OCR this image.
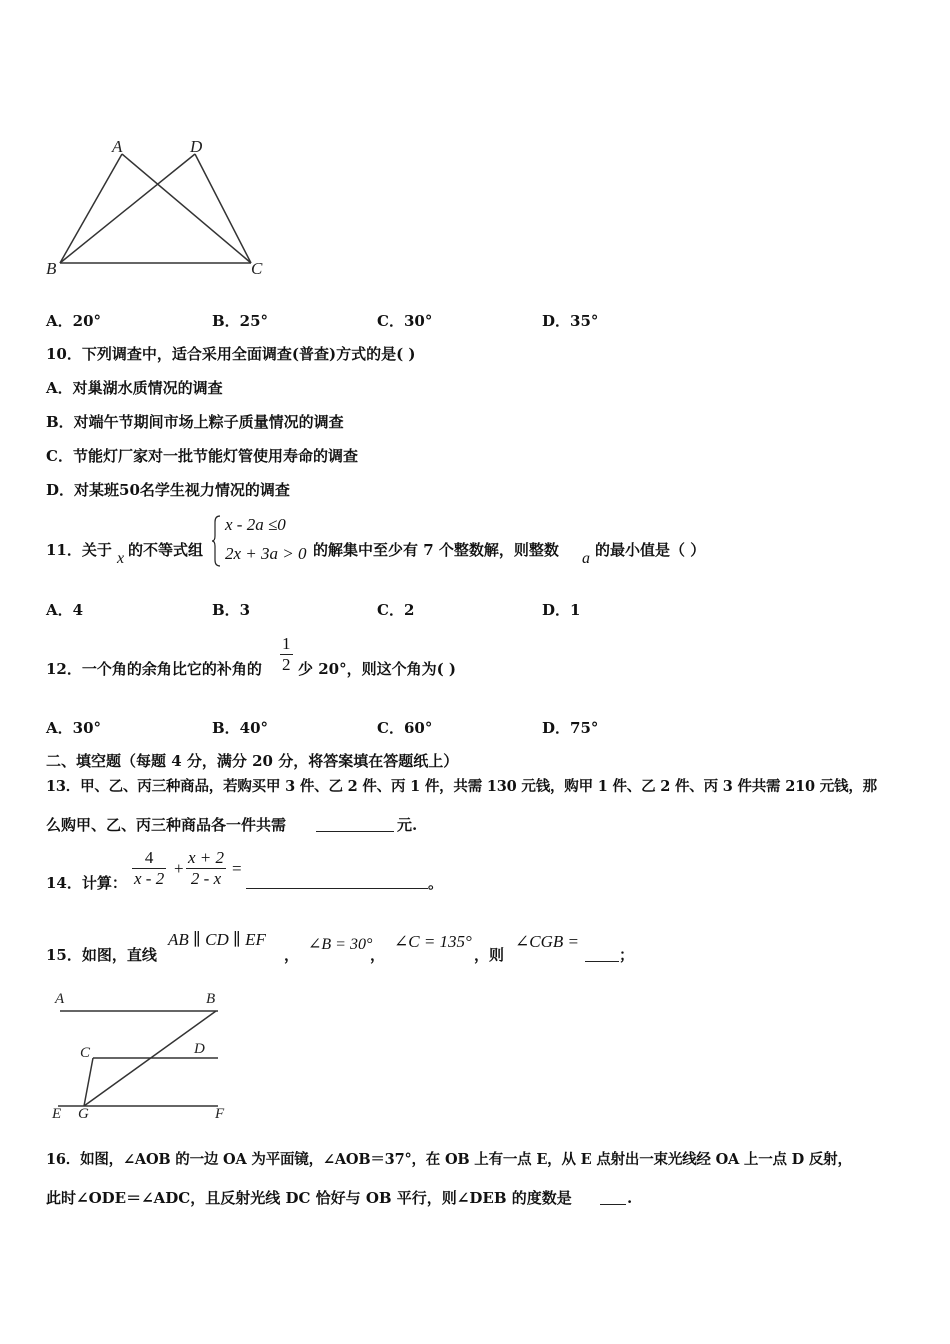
A	D
B	C
A．20°	B．25°	C．30°	D．35°
10．下列调查中，适合采用全面调查(普查)方式的是( )
A．对巢湖水质情况的调查
B．对端午节期间市场上粽子质量情况的调查
C．节能灯厂家对一批节能灯管使用寿命的调查
D．对某班50名学生视力情况的调查
11．关于 x 的不等式组
x - 2a ≤0
2x + 3a > 0 的解集中至少有 7 个整数解，则整数 a 的最小值是（ ）
A．4	B．3	C．2	D．1
12．一个角的余角比它的补角的 $\frac{1}{2}$ 少 20°，则这个角为( )
A．30°	B．40°	C．60°	D．75°
二、填空题（每题 4 分，满分 20 分，将答案填在答题纸上）
13．甲、乙、丙三种商品，若购买甲 3 件、乙 2 件、丙 1 件，共需 130 元钱，购甲 1 件、乙 2 件、丙 3 件共需 210 元钱，那
么购甲、乙、丙三种商品各一件共需	元.
14．计算： $\frac{4}{x - 2} + \frac{x + 2}{2 - x}$ =
。
15．如图，直线
AB ∥ CD ∥ EF
，
∠B = 30°
，
∠C = 135°
，则
∠CGB =
；
A	B
C	D
E G	F
16．如图，∠AOB 的一边 OA 为平面镜，∠AOB＝37°，在 OB 上有一点 E，从 E 点射出一束光线经 OA 上一点 D 反射，
此时∠ODE＝∠ADC，且反射光线 DC 恰好与 OB 平行，则∠DEB 的度数是	.
